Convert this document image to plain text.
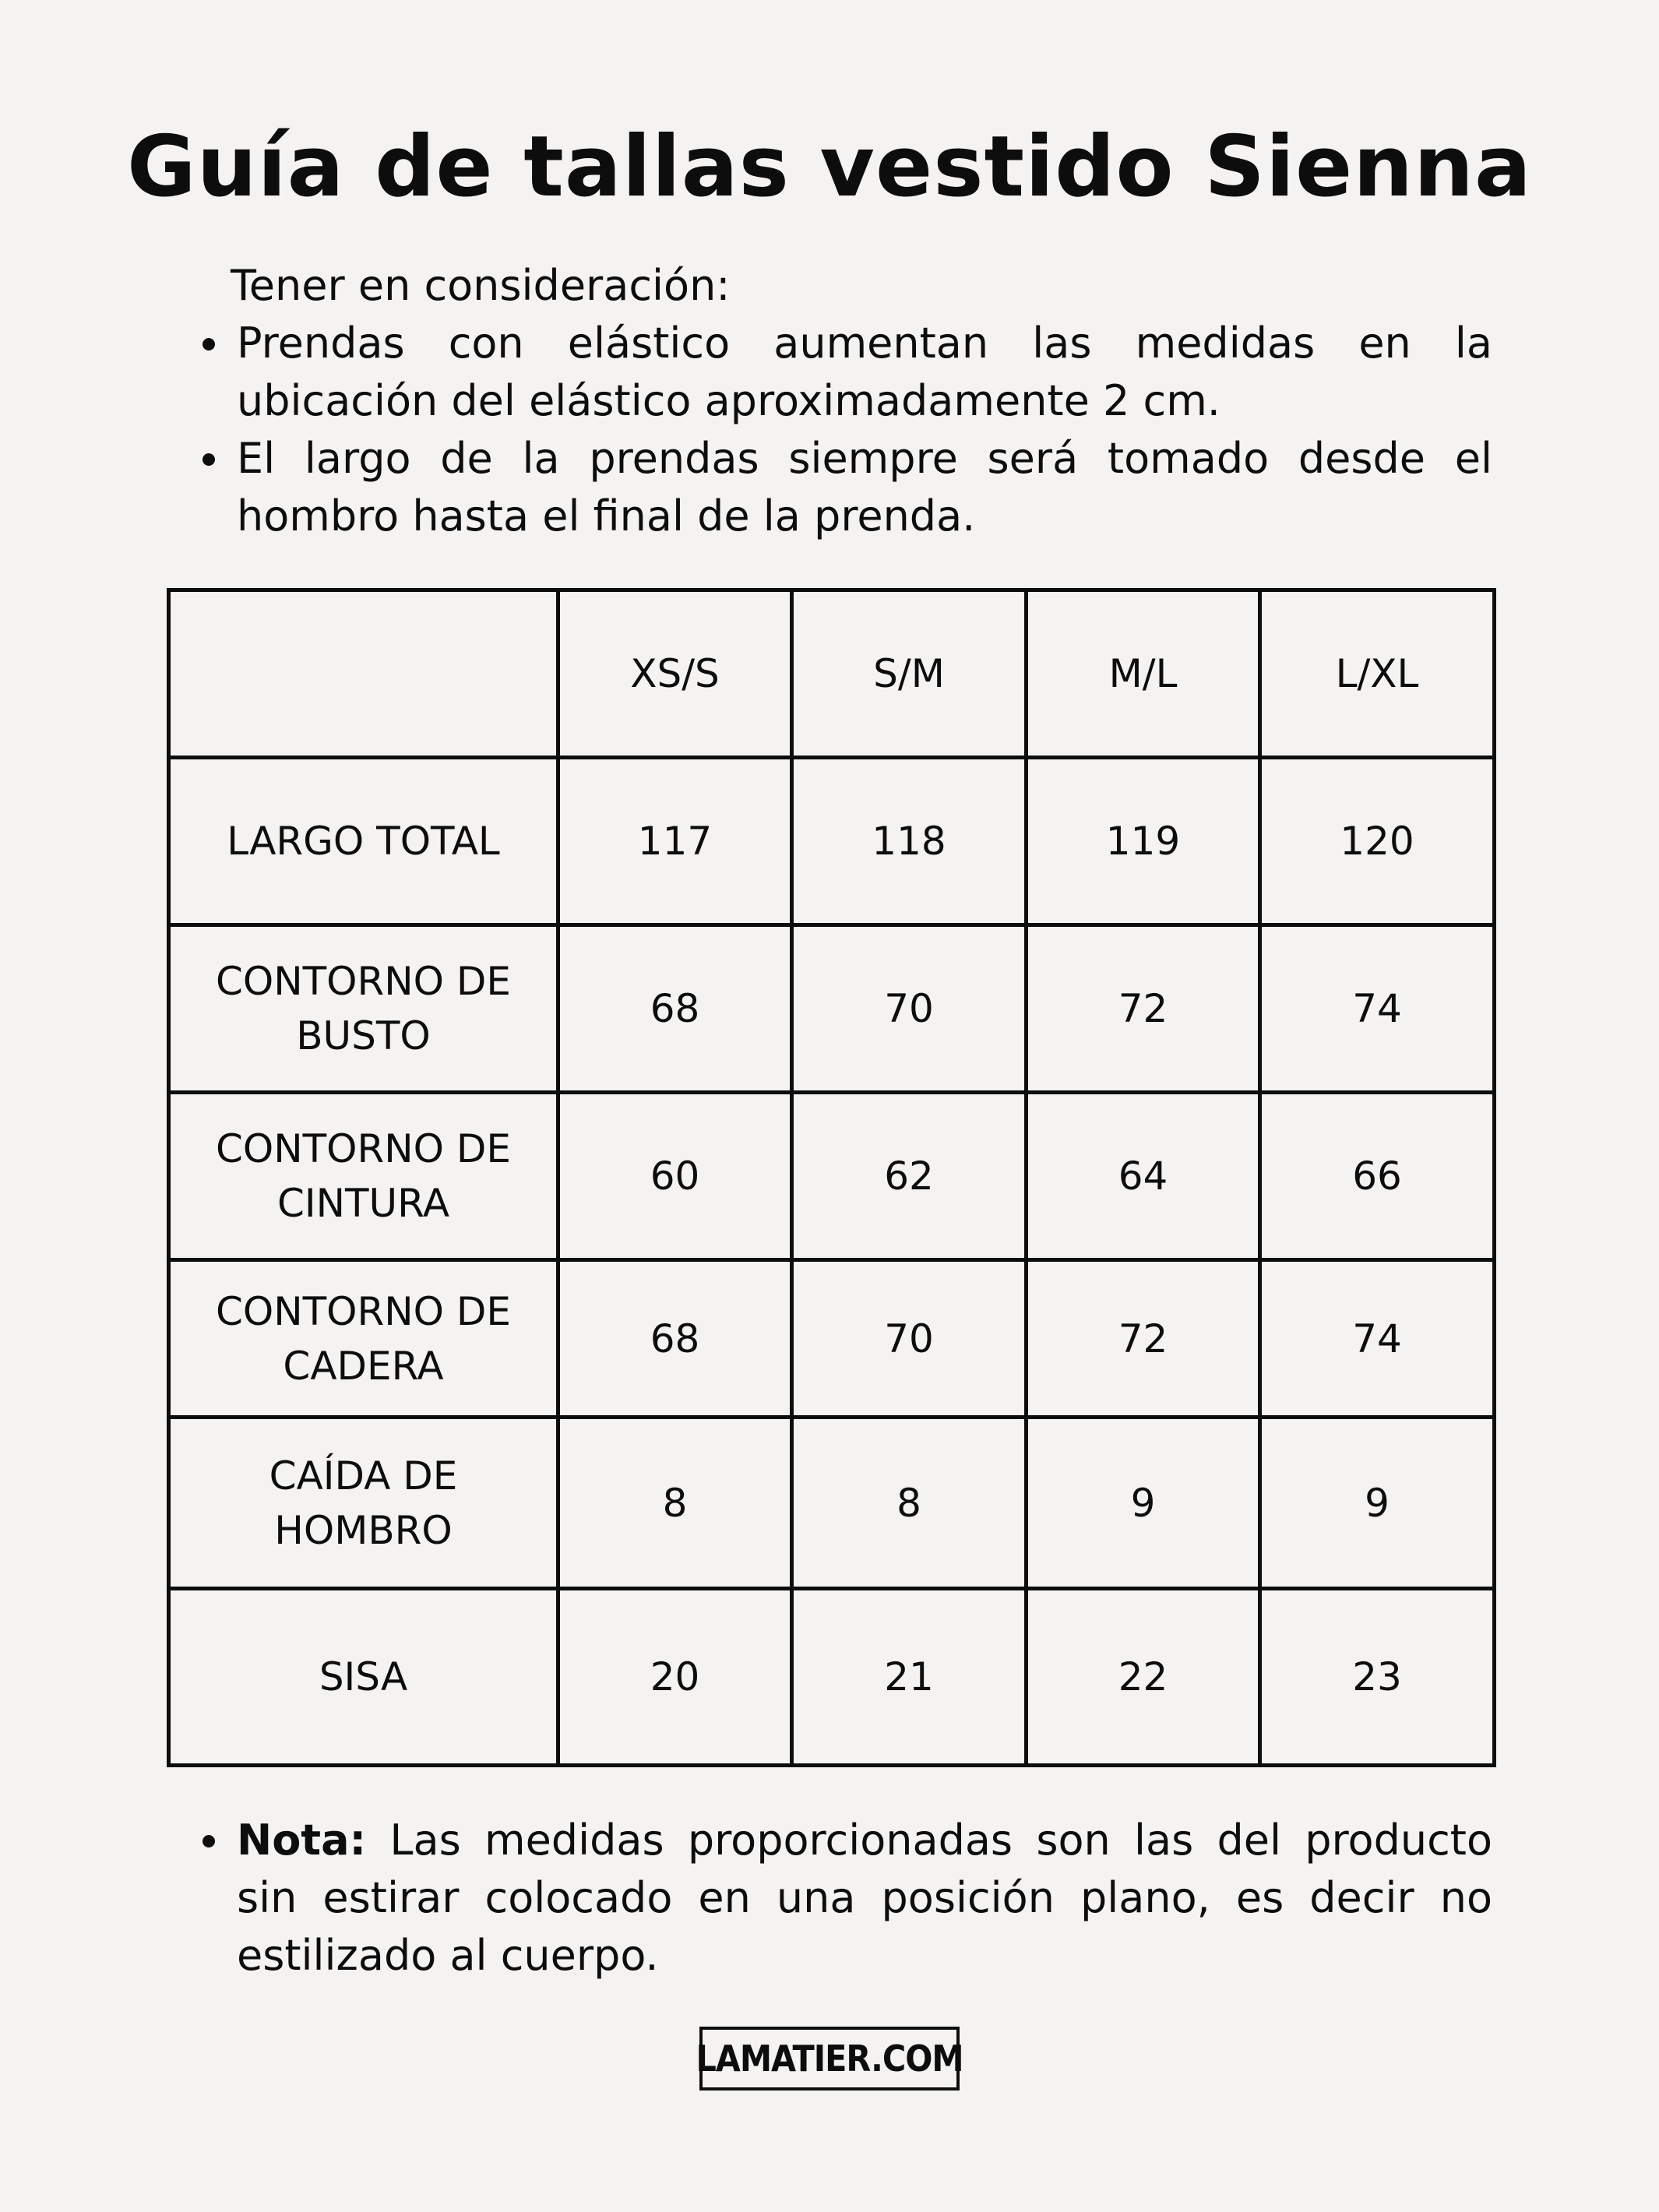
Guía de tallas vestido Sienna

Tener en consideración:

Prendas con elástico aumentan las medidas en la ubicación del elástico aproximadamente 2 cm.
El largo de la prendas siempre será tomado desde el hombro hasta el final de la prenda.
	XS/S	S/M	M/L	L/XL
LARGO TOTAL	117	118	119	120
CONTORNO DE BUSTO	68	70	72	74
CONTORNO DE CINTURA	60	62	64	66
CONTORNO DE CADERA	68	70	72	74
CAÍDA DE HOMBRO	8	8	9	9
SISA	20	21	22	23

Nota: Las medidas proporcionadas son las del producto sin estirar colocado en una posición plano, es decir no estilizado al cuerpo.

LAMATIER.COM
